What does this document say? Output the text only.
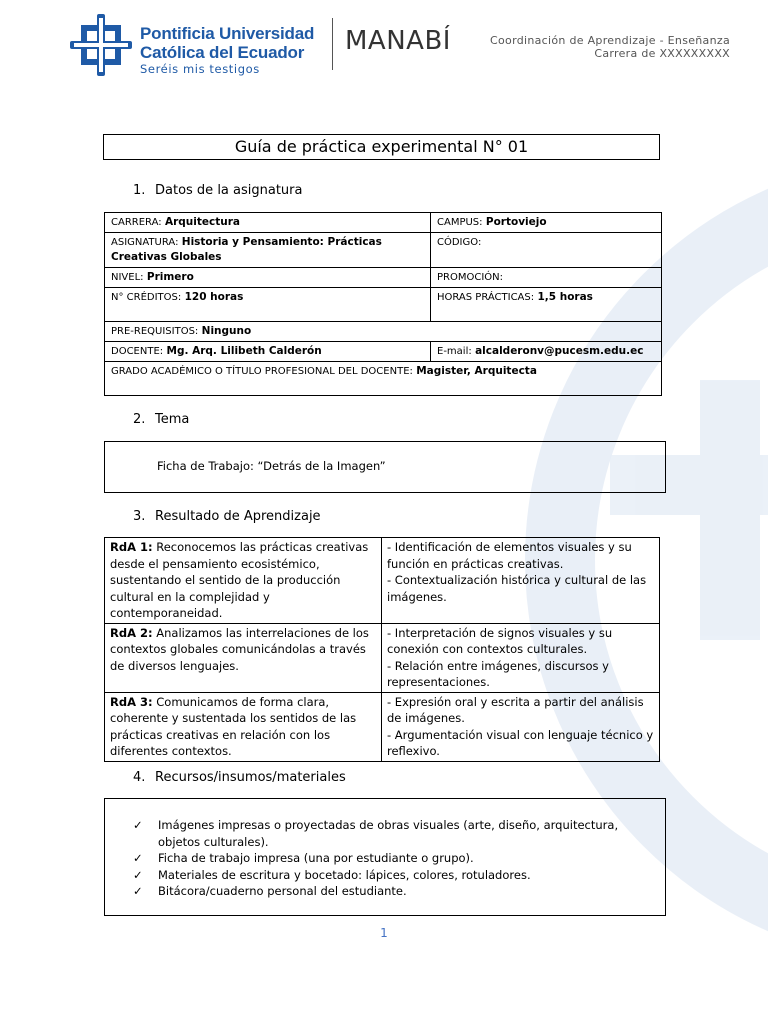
Pontificia Universidad
Católica del Ecuador
Seréis mis testigos
MANABÍ	Coordinación de Aprendizaje - Enseñanza
Carrera de XXXXXXXXX
Guía de práctica experimental N° 01
1. Datos de la asignatura
CARRERA: Arquitectura	CAMPUS: Portoviejo
ASIGNATURA: Historia y Pensamiento: Prácticas Creativas Globales	CÓDIGO:
NIVEL: Primero	PROMOCIÓN:
N° CRÉDITOS: 120 horas	HORAS PRÁCTICAS: 1,5 horas
PRE-REQUISITOS: Ninguno	
DOCENTE: Mg. Arq. Lilibeth Calderón	E-mail: alcalderonv@pucesm.edu.ec
GRADO ACADÉMICO O TÍTULO PROFESIONAL DEL DOCENTE: Magister, Arquitecta	
2. Tema
Ficha de Trabajo: “Detrás de la Imagen”
3. Resultado de Aprendizaje
RdA 1: Reconocemos las prácticas creativas desde el pensamiento ecosistémico, sustentando el sentido de la producción cultural en la complejidad y contemporaneidad.	- Identificación de elementos visuales y su función en prácticas creativas.
- Contextualización histórica y cultural de las imágenes.

RdA 2: Analizamos las interrelaciones de los contextos globales comunicándolas a través de diversos lenguajes.	- Interpretación de signos visuales y su conexión con contextos culturales.
- Relación entre imágenes, discursos y representaciones.

RdA 3: Comunicamos de forma clara, coherente y sustentada los sentidos de las prácticas creativas en relación con los diferentes contextos.	- Expresión oral y escrita a partir del análisis de imágenes.
- Argumentación visual con lenguaje técnico y reflexivo.
4. Recursos/insumos/materiales
✓ Imágenes impresas o proyectadas de obras visuales (arte, diseño, arquitectura, objetos culturales).
✓ Ficha de trabajo impresa (una por estudiante o grupo).
✓ Materiales de escritura y bocetado: lápices, colores, rotuladores.
✓ Bitácora/cuaderno personal del estudiante.
1
